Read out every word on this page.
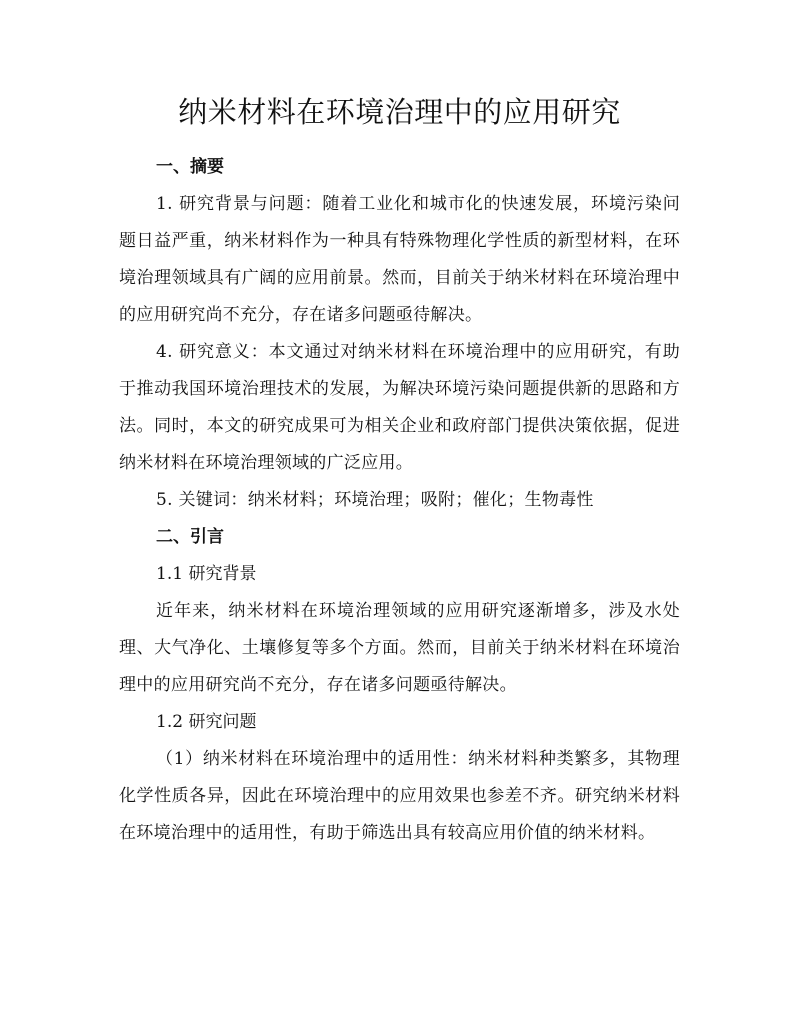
纳米材料在环境治理中的应用研究
一、摘要

1. 研究背景与问题：随着工业化和城市化的快速发展，环境污染问题日益严重，纳米材料作为一种具有特殊物理化学性质的新型材料，在环境治理领域具有广阔的应用前景。然而，目前关于纳米材料在环境治理中的应用研究尚不充分，存在诸多问题亟待解决。

4. 研究意义：本文通过对纳米材料在环境治理中的应用研究，有助于推动我国环境治理技术的发展，为解决环境污染问题提供新的思路和方法。同时，本文的研究成果可为相关企业和政府部门提供决策依据，促进纳米材料在环境治理领域的广泛应用。

5. 关键词：纳米材料；环境治理；吸附；催化；生物毒性

二、引言

1.1 研究背景

近年来，纳米材料在环境治理领域的应用研究逐渐增多，涉及水处理、大气净化、土壤修复等多个方面。然而，目前关于纳米材料在环境治理中的应用研究尚不充分，存在诸多问题亟待解决。

1.2 研究问题

（1）纳米材料在环境治理中的适用性：纳米材料种类繁多，其物理化学性质各异，因此在环境治理中的应用效果也参差不齐。研究纳米材料在环境治理中的适用性，有助于筛选出具有较高应用价值的纳米材料。
